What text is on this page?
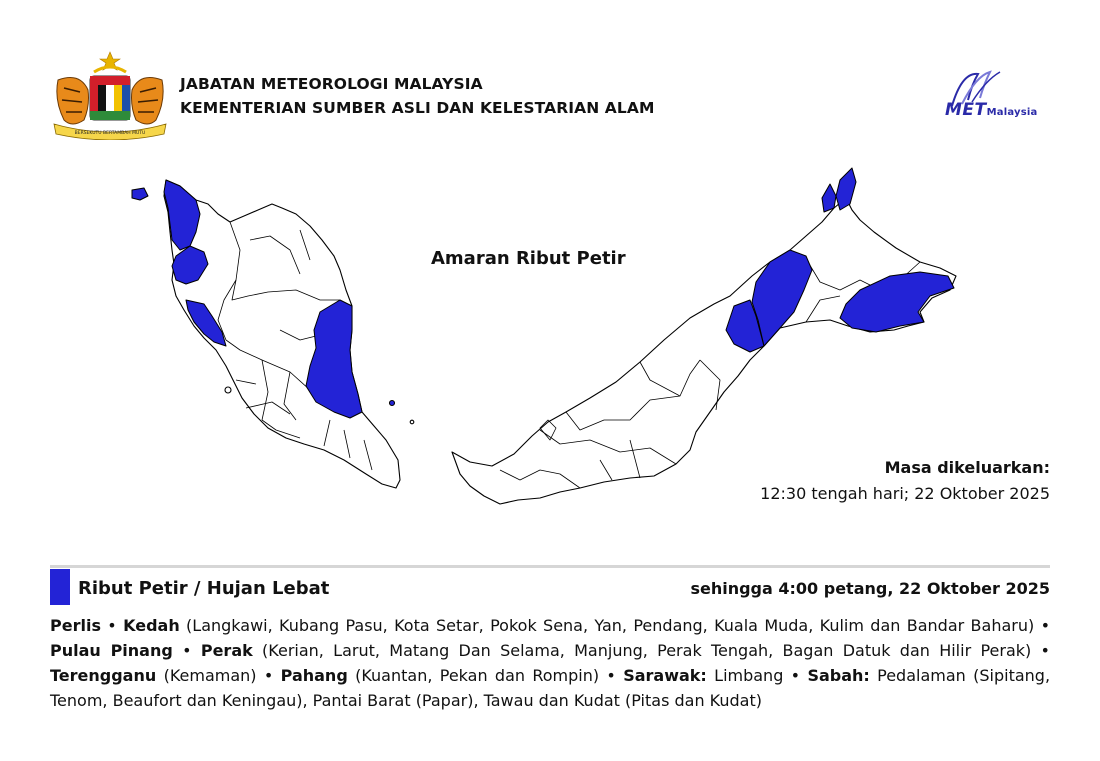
BERSEKUTU BERTAMBAH MUTU
JABATAN METEOROLOGI MALAYSIA
KEMENTERIAN SUMBER ASLI DAN KELESTARIAN ALAM	METMalaysia
Amaran Ribut Petir
Masa dikeluarkan:
12:30 tengah hari; 22 Oktober 2025
Ribut Petir / Hujan Lebat	sehingga 4:00 petang, 22 Oktober 2025
Perlis • Kedah (Langkawi, Kubang Pasu, Kota Setar, Pokok Sena, Yan, Pendang, Kuala Muda, Kulim dan Bandar Baharu) • Pulau Pinang • Perak (Kerian, Larut, Matang Dan Selama, Manjung, Perak Tengah, Bagan Datuk dan Hilir Perak) • Terengganu (Kemaman) • Pahang (Kuantan, Pekan dan Rompin) • Sarawak: Limbang • Sabah: Pedalaman (Sipitang, Tenom, Beaufort dan Keningau), Pantai Barat (Papar), Tawau dan Kudat (Pitas dan Kudat)
